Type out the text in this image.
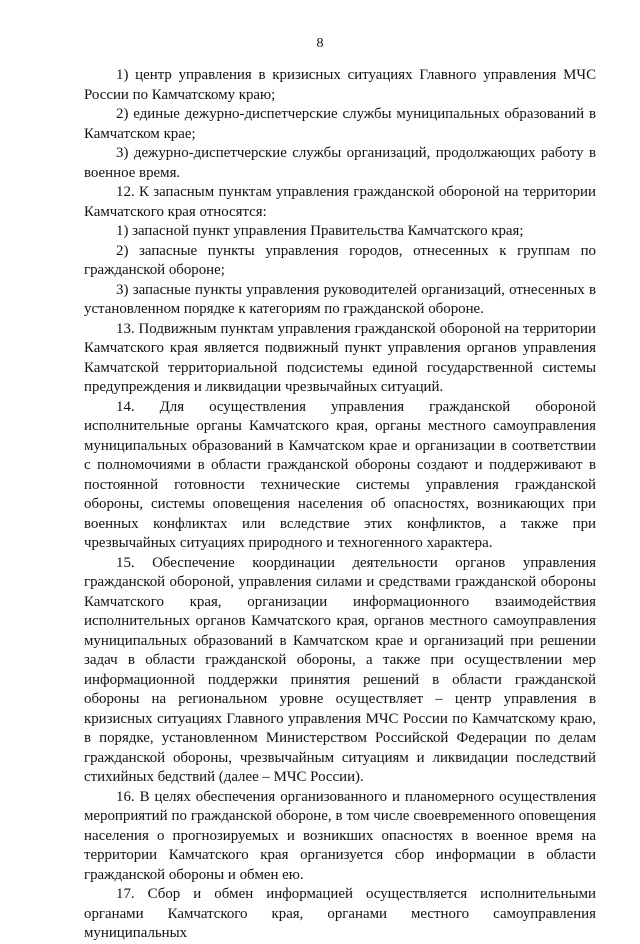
8

1) центр управления в кризисных ситуациях Главного управления МЧС России по Камчатскому краю;

2) единые дежурно-диспетчерские службы муниципальных образований в Камчатском крае;

3) дежурно-диспетчерские службы организаций, продолжающих работу в военное время.

12. К запасным пунктам управления гражданской обороной на территории Камчатского края относятся:

1) запасной пункт управления Правительства Камчатского края;

2) запасные пункты управления городов, отнесенных к группам по гражданской обороне;

3) запасные пункты управления руководителей организаций, отнесенных в установленном порядке к категориям по гражданской обороне.

13. Подвижным пунктам управления гражданской обороной на территории Камчатского края является подвижный пункт управления органов управления Камчатской территориальной подсистемы единой государственной системы предупреждения и ликвидации чрезвычайных ситуаций.

14. Для осуществления управления гражданской обороной исполнительные органы Камчатского края, органы местного самоуправления муниципальных образований в Камчатском крае и организации в соответствии с полномочиями в области гражданской обороны создают и поддерживают в постоянной готовности технические системы управления гражданской обороны, системы оповещения населения об опасностях, возникающих при военных конфликтах или вследствие этих конфликтов, а также при чрезвычайных ситуациях природного и техногенного характера.

15. Обеспечение координации деятельности органов управления гражданской обороной, управления силами и средствами гражданской обороны Камчатского края, организации информационного взаимодействия исполнительных органов Камчатского края, органов местного самоуправления муниципальных образований в Камчатском крае и организаций при решении задач в области гражданской обороны, а также при осуществлении мер информационной поддержки принятия решений в области гражданской обороны на региональном уровне осуществляет – центр управления в кризисных ситуациях Главного управления МЧС России по Камчатскому краю, в порядке, установленном Министерством Российской Федерации по делам гражданской обороны, чрезвычайным ситуациям и ликвидации последствий стихийных бедствий (далее – МЧС России).

16. В целях обеспечения организованного и планомерного осуществления мероприятий по гражданской обороне, в том числе своевременного оповещения населения о прогнозируемых и возникших опасностях в военное время на территории Камчатского края организуется сбор информации в области гражданской обороны и обмен ею.

17. Сбор и обмен информацией осуществляется исполнительными органами Камчатского края, органами местного самоуправления муниципальных
